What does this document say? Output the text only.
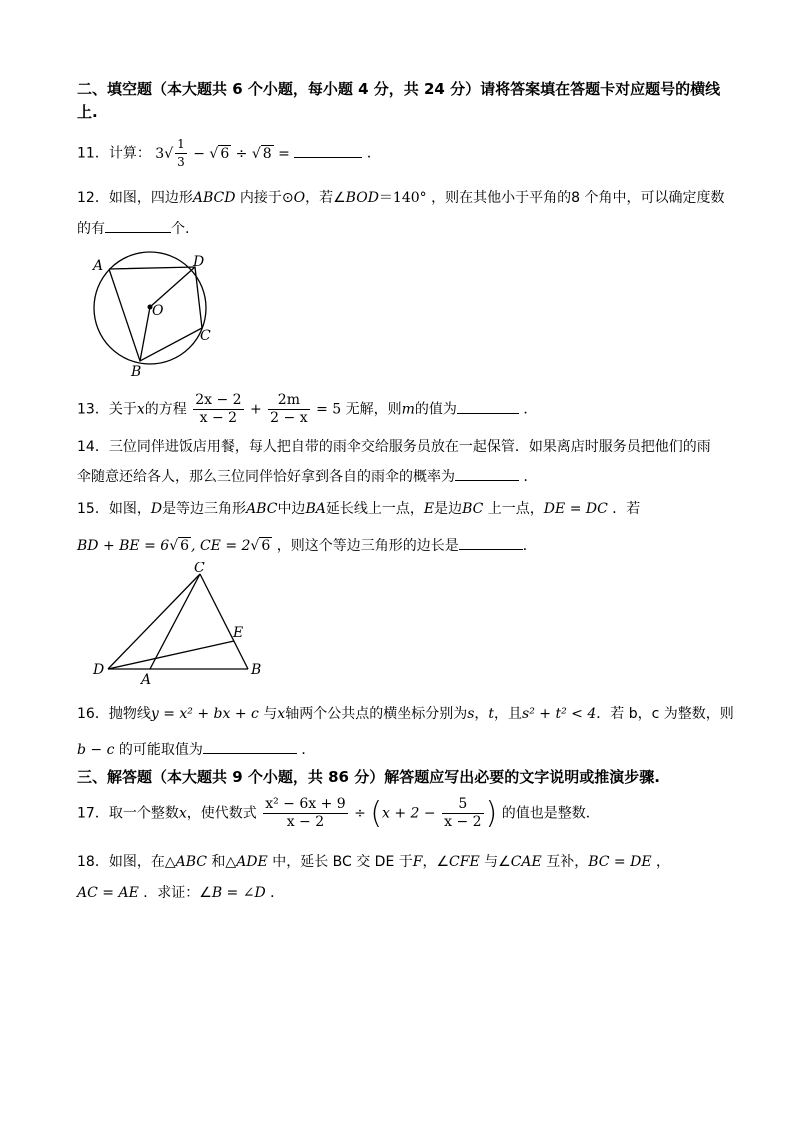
二、填空题（本大题共 6 个小题，每小题 4 分，共 24 分）请将答案填在答题卡对应题号的横线
上.
11．计算： $3√ \frac{1}{3}$ − √ 6 ÷ √ 8 =	．
12．如图，四边形ABCD 内接于⊙O，若∠BOD＝140° ，则在其他小于平角的8 个角中，可以确定度数
的有	个.
A	D
O
C
B
13．关于x的方程 $\frac{2x - 2}{x - 2} + \frac{2m}{2 - x} = 5$ 无解，则m的值为	．
14．三位同伴进饭店用餐，每人把自带的雨伞交给服务员放在一起保管．如果离店时服务员把他们的雨
伞随意还给各人，那么三位同伴恰好拿到各自的雨伞的概率为	．
15．如图，D是等边三角形ABC中边BA延长线上一点，E是边BC 上一点，DE = DC ．若
BD + BE = 6√ 6 , CE = 2√ 6 ，则这个等边三角形的边长是	．
C
E
D
A
B
16．抛物线y = x² + bx + c 与x轴两个公共点的横坐标分别为s，t，且s² + t² < 4．若 b，c 为整数，则
b − c 的可能取值为	．
三、解答题（本大题共 9 个小题，共 86 分）解答题应写出必要的文字说明或推演步骤.
17．取一个整数x，使代数式 $\frac{\text{x² − 6x + 9}}{x - 2} \div (x + 2 - \frac{5}{x - 2}$ ) 的值也是整数．
18．如图，在△ABC 和△ADE 中，延长 BC 交 DE 于F，∠CFE 与∠CAE 互补，BC = DE ，
AC = AE ．求证：∠B = ∠D ．
